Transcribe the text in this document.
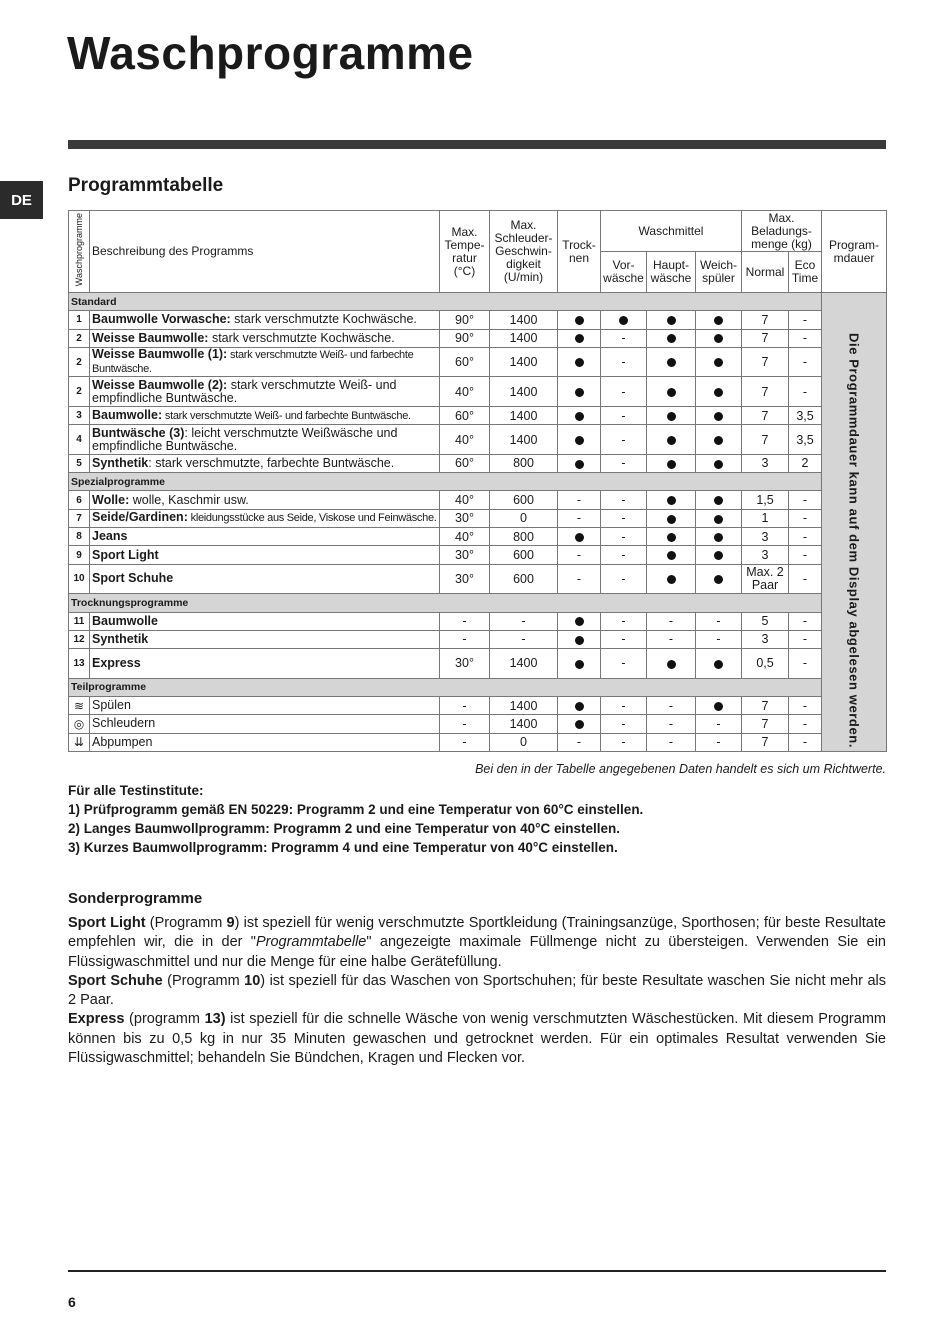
Waschprogramme
DE
Programmtabelle
Waschprogramme	Beschreibung des Programms	Max. Tempe-ratur (°C)	Max. Schleuder-Geschwin-digkeit (U/min)	Trock-nen	Waschmittel			Max. Beladungs-menge (kg)		Program-mdauer
					Vor-wäsche	Haupt-wäsche	Weich-spüler	Normal	Eco Time	
Standard										Die Programmdauer kann auf dem Display abgelesen werden.
1	Baumwolle Vorwasche: stark verschmutzte Kochwäsche.	90°	1400					7	-	
2	Weisse Baumwolle: stark verschmutzte Kochwäsche.	90°	1400		-			7	-	
2	Weisse Baumwolle (1): stark verschmutzte Weiß- und farbechte Buntwäsche.	60°	1400		-			7	-	
2	Weisse Baumwolle (2): stark verschmutzte Weiß- und empfindliche Buntwäsche.	40°	1400		-			7	-	
3	Baumwolle: stark verschmutzte Weiß- und farbechte Buntwäsche.	60°	1400		-			7	3,5	
4	Buntwäsche (3): leicht verschmutzte Weißwäsche und empfindliche Buntwäsche.	40°	1400		-			7	3,5	
5	Synthetik: stark verschmutzte, farbechte Buntwäsche.	60°	800		-			3	2	
Spezialprogramme										
6	Wolle: wolle, Kaschmir usw.	40°	600	-	-			1,5	-	
7	Seide/Gardinen: kleidungsstücke aus Seide, Viskose und Feinwäsche.	30°	0	-	-			1	-	
8	Jeans	40°	800		-			3	-	
9	Sport Light	30°	600	-	-			3	-	
10	Sport Schuhe	30°	600	-	-			Max. 2 Paar	-	
Trocknungsprogramme										
11	Baumwolle	-	-		-	-	-	5	-	
12	Synthetik	-	-		-	-	-	3	-	
13	Express	30°	1400		-			0,5	-	
Teilprogramme										
≋	Spülen	-	1400		-	-		7	-	
◎	Schleudern	-	1400		-	-	-	7	-	
⇊	Abpumpen	-	0	-	-	-	-	7	-	
Bei den in der Tabelle angegebenen Daten handelt es sich um Richtwerte.
Für alle Testinstitute:
1) Prüfprogramm gemäß EN 50229: Programm 2 und eine Temperatur von 60°C einstellen.
2) Langes Baumwollprogramm: Programm 2 und eine Temperatur von 40°C einstellen.
3) Kurzes Baumwollprogramm: Programm 4 und eine Temperatur von 40°C einstellen.
Sonderprogramme
Sport Light (Programm 9) ist speziell für wenig verschmutzte Sportkleidung (Trainingsanzüge, Sporthosen; für beste Resultate empfehlen wir, die in der "Programmtabelle" angezeigte maximale Füllmenge nicht zu übersteigen. Verwenden Sie ein Flüssigwaschmittel und nur die Menge für eine halbe Gerätefüllung.
Sport Schuhe (Programm 10) ist speziell für das Waschen von Sportschuhen; für beste Resultate waschen Sie nicht mehr als 2 Paar.
Express (programm 13) ist speziell für die schnelle Wäsche von wenig verschmutzten Wäschestücken. Mit diesem Programm können bis zu 0,5 kg in nur 35 Minuten gewaschen und getrocknet werden. Für ein optimales Resultat verwenden Sie Flüssigwaschmittel; behandeln Sie Bündchen, Kragen und Flecken vor.
6
